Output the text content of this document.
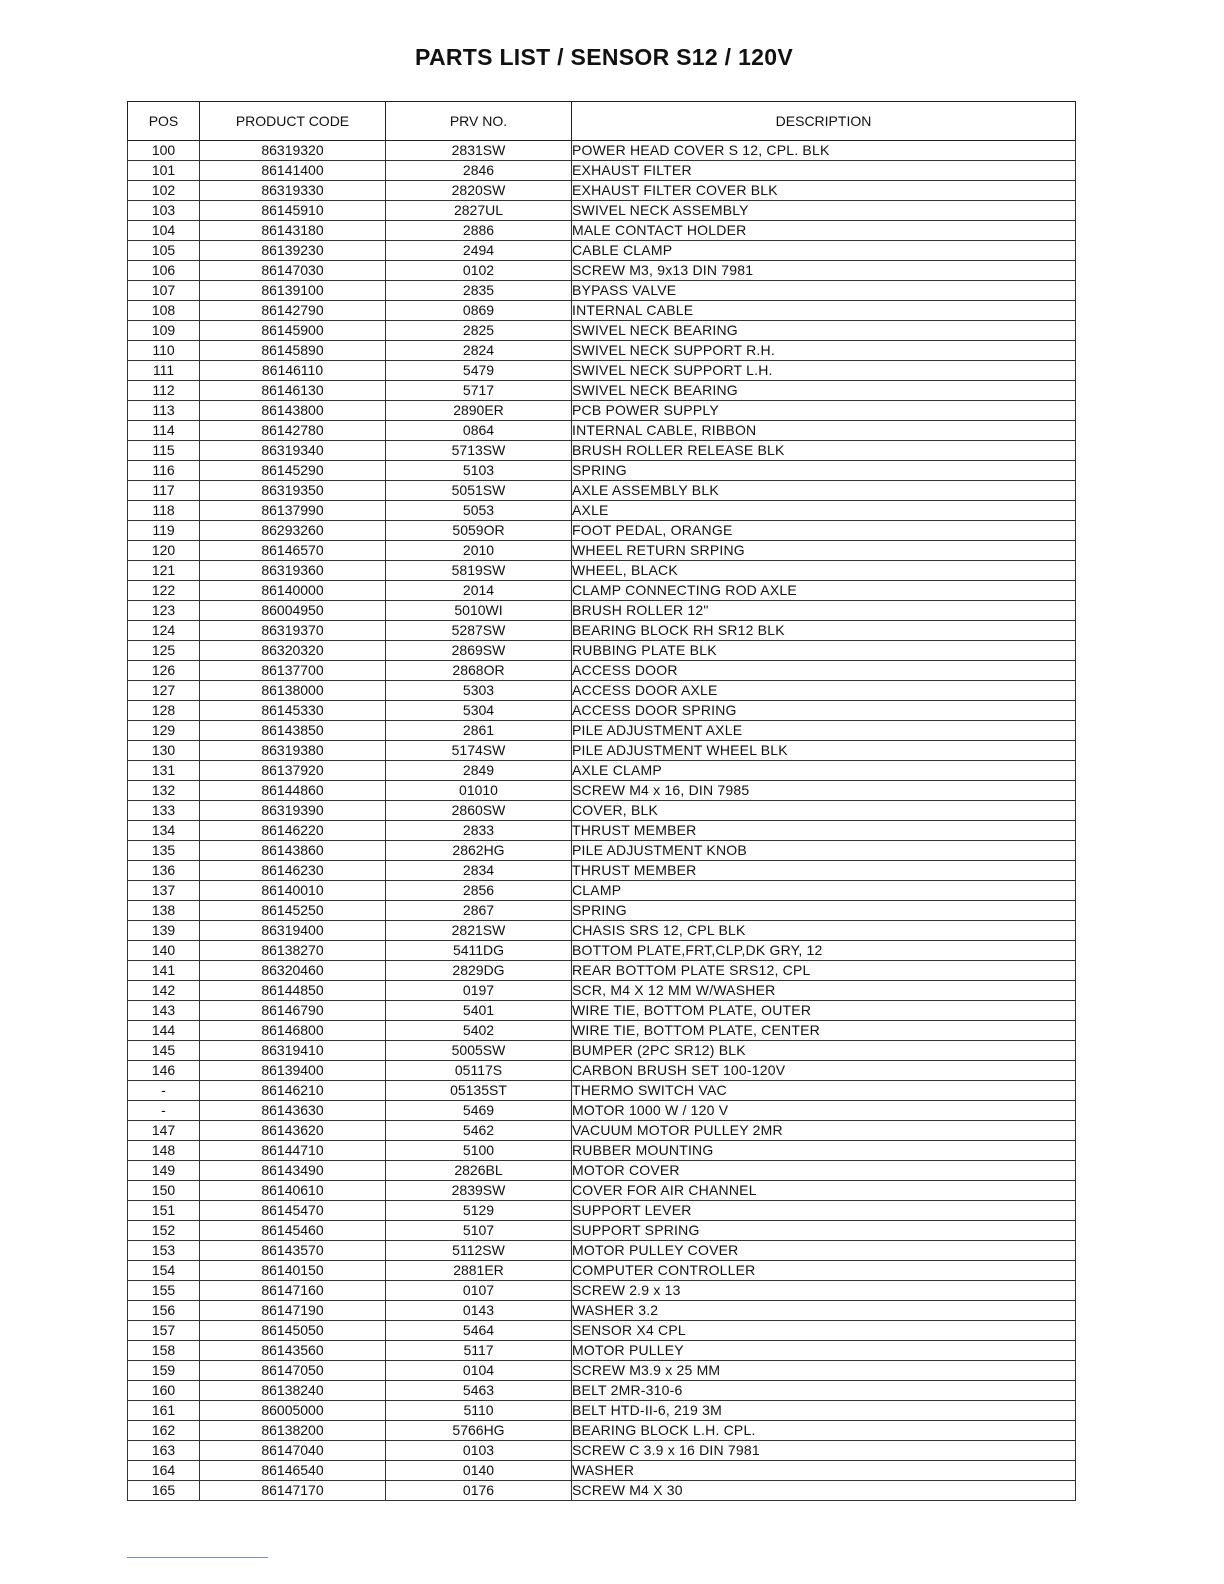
PARTS LIST / SENSOR S12 / 120V
POS	PRODUCT CODE	PRV NO.	DESCRIPTION
100	86319320	2831SW	POWER HEAD COVER S 12, CPL. BLK
101	86141400	2846	EXHAUST FILTER
102	86319330	2820SW	EXHAUST FILTER COVER BLK
103	86145910	2827UL	SWIVEL NECK ASSEMBLY
104	86143180	2886	MALE CONTACT HOLDER
105	86139230	2494	CABLE CLAMP
106	86147030	0102	SCREW M3, 9x13 DIN 7981
107	86139100	2835	BYPASS VALVE
108	86142790	0869	INTERNAL CABLE
109	86145900	2825	SWIVEL NECK BEARING
110	86145890	2824	SWIVEL NECK SUPPORT R.H.
111	86146110	5479	SWIVEL NECK SUPPORT L.H.
112	86146130	5717	SWIVEL NECK BEARING
113	86143800	2890ER	PCB POWER SUPPLY
114	86142780	0864	INTERNAL CABLE, RIBBON
115	86319340	5713SW	BRUSH ROLLER RELEASE BLK
116	86145290	5103	SPRING
117	86319350	5051SW	AXLE ASSEMBLY BLK
118	86137990	5053	AXLE
119	86293260	5059OR	FOOT PEDAL, ORANGE
120	86146570	2010	WHEEL RETURN SRPING
121	86319360	5819SW	WHEEL, BLACK
122	86140000	2014	CLAMP CONNECTING ROD AXLE
123	86004950	5010WI	BRUSH ROLLER 12"
124	86319370	5287SW	BEARING BLOCK RH SR12 BLK
125	86320320	2869SW	RUBBING PLATE BLK
126	86137700	2868OR	ACCESS DOOR
127	86138000	5303	ACCESS DOOR AXLE
128	86145330	5304	ACCESS DOOR SPRING
129	86143850	2861	PILE ADJUSTMENT AXLE
130	86319380	5174SW	PILE ADJUSTMENT WHEEL BLK
131	86137920	2849	AXLE CLAMP
132	86144860	01010	SCREW M4 x 16, DIN 7985
133	86319390	2860SW	COVER, BLK
134	86146220	2833	THRUST MEMBER
135	86143860	2862HG	PILE ADJUSTMENT KNOB
136	86146230	2834	THRUST MEMBER
137	86140010	2856	CLAMP
138	86145250	2867	SPRING
139	86319400	2821SW	CHASIS SRS 12, CPL BLK
140	86138270	5411DG	BOTTOM PLATE,FRT,CLP,DK GRY, 12
141	86320460	2829DG	REAR BOTTOM PLATE SRS12, CPL
142	86144850	0197	SCR, M4 X 12 MM W/WASHER
143	86146790	5401	WIRE TIE, BOTTOM PLATE, OUTER
144	86146800	5402	WIRE TIE, BOTTOM PLATE, CENTER
145	86319410	5005SW	BUMPER (2PC SR12) BLK
146	86139400	05117S	CARBON BRUSH SET 100-120V
-	86146210	05135ST	THERMO SWITCH VAC
-	86143630	5469	MOTOR 1000 W / 120 V
147	86143620	5462	VACUUM MOTOR PULLEY 2MR
148	86144710	5100	RUBBER MOUNTING
149	86143490	2826BL	MOTOR COVER
150	86140610	2839SW	COVER FOR AIR CHANNEL
151	86145470	5129	SUPPORT LEVER
152	86145460	5107	SUPPORT SPRING
153	86143570	5112SW	MOTOR PULLEY COVER
154	86140150	2881ER	COMPUTER CONTROLLER
155	86147160	0107	SCREW 2.9 x 13
156	86147190	0143	WASHER 3.2
157	86145050	5464	SENSOR X4 CPL
158	86143560	5117	MOTOR PULLEY
159	86147050	0104	SCREW M3.9 x 25 MM
160	86138240	5463	BELT 2MR-310-6
161	86005000	5110	BELT HTD-II-6, 219 3M
162	86138200	5766HG	BEARING BLOCK L.H. CPL.
163	86147040	0103	SCREW C 3.9 x 16 DIN 7981
164	86146540	0140	WASHER
165	86147170	0176	SCREW M4 X 30
